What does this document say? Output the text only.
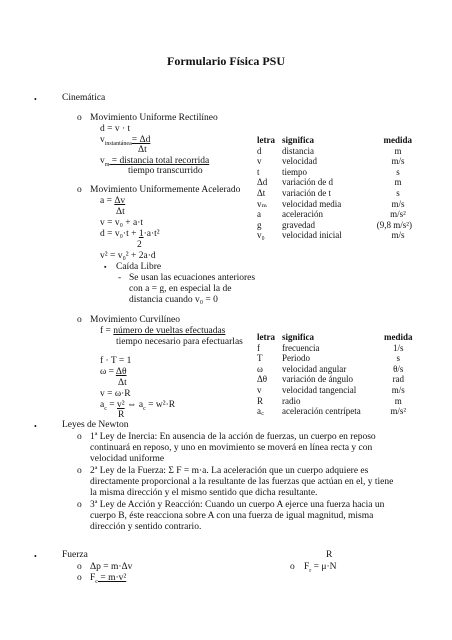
Formulario Física PSU
•	Cinemática
o Movimiento Uniforme Rectilíneo
d = v · t
$v_{instantánea}= \Delta d$
Δt
$v_m$ = distancia total recorrida
tiempo transcurrido
o Movimiento Uniformemente Acelerado
a = Δv
Δt
v = v₀ + a·t
d = v₀·t + 1·a·t²
2
v² = v₀² + 2a·d
▪ Caída Libre
- Se usan las ecuaciones anteriores
con a = g, en especial la de
distancia cuando v₀ = 0
letra	significa	medida
d	distancia	m
v	velocidad	m/s
t	tiempo	s
Δd	variación de d	m
Δt	variación de t	s
vₘ	velocidad media	m/s
a	aceleración	m/s²
g	gravedad	(9,8 m/s²)
v₀	velocidad inicial	m/s
o Movimiento Curvilíneo
f = número de vueltas efectuadas
tiempo necesario para efectuarlas
f · T = 1
ω = Δθ
Δt
v = ω·R
$a_c = v^2$ ⇔ $a_c = w^2\cdot R$
R
letra	significa	medida
f	frecuencia	1/s
T	Periodo	s
ω	velocidad angular	θ/s
Δθ	variación de ángulo	rad
v	velocidad tangencial	m/s
R	radio	m
a꜀	aceleración centrípeta	m/s²
•	Leyes de Newton
o 1ª Ley de Inercia: En ausencia de la acción de fuerzas, un cuerpo en reposo continuará en reposo, y uno en movimiento se moverá en línea recta y con velocidad uniforme
o 2ª Ley de la Fuerza: Σ F = m·a. La aceleración que un cuerpo adquiere es directamente proporcional a la resultante de las fuerzas que actúan en el, y tiene la misma dirección y el mismo sentido que dicha resultante.
o 3ª Ley de Acción y Reacción: Cuando un cuerpo A ejerce una fuerza hacia un cuerpo B, éste reacciona sobre A con una fuerza de igual magnitud, misma dirección y sentido contrario.
•	Fuerza	R
o Δp = m·Δv	o $F_r = \mu\cdot N$
o $F_c = m\cdot v^2$
